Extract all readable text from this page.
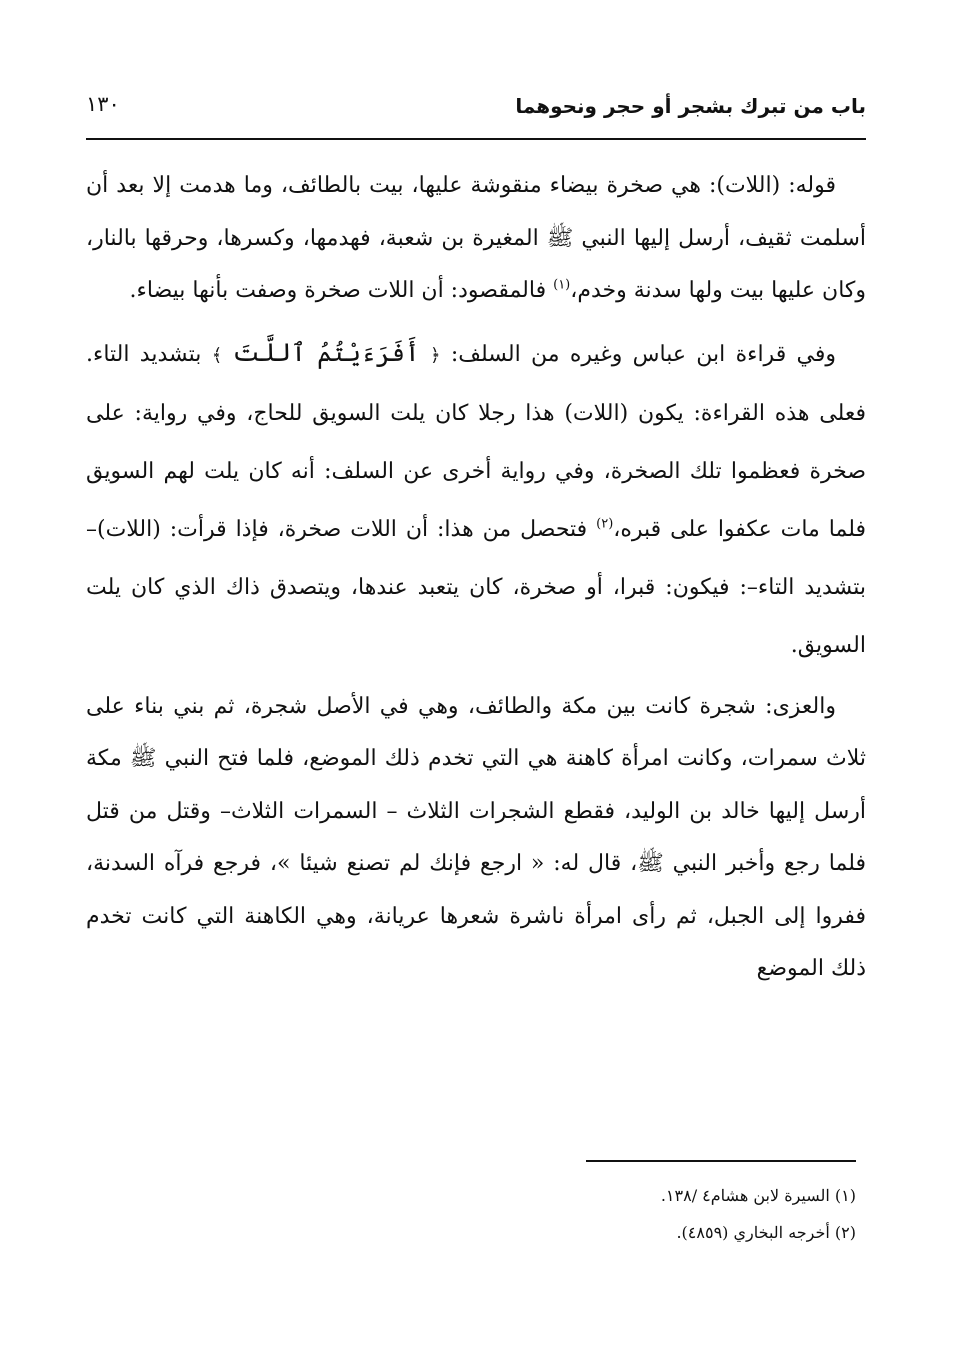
باب من تبرك بشجر أو حجر ونحوهما
١٣٠

قوله: (اللات): هي صخرة بيضاء منقوشة عليها، بيت بالطائف، وما هدمت إلا بعد أن أسلمت ثقيف، أرسل إليها النبي ﷺ المغيرة بن شعبة، فهدمها، وكسرها، وحرقها بالنار، وكان عليها بيت ولها سدنة وخدم،$^{(١)}$ فالمقصود: أن اللات صخرة وصفت بأنها بيضاء.

وفي قراءة ابن عباس وغيره من السلف: ﴿ أَفَرَءَيْتُمُ ٱللَّتَ ﴾ بتشديد التاء. فعلى هذه القراءة: يكون (اللات) هذا رجلا كان يلت السويق للحاج، وفي رواية: على صخرة فعظموا تلك الصخرة، وفي رواية أخرى عن السلف: أنه كان يلت لهم السويق فلما مات عكفوا على قبره،$^{(٢)}$ فتحصل من هذا: أن اللات صخرة، فإذا قرأت: (اللات)– بتشديد التاء–: فيكون: قبرا، أو صخرة، كان يتعبد عندها، ويتصدق ذاك الذي كان يلت السويق.

والعزى: شجرة كانت بين مكة والطائف، وهي في الأصل شجرة، ثم بني بناء على ثلاث سمرات، وكانت امرأة كاهنة هي التي تخدم ذلك الموضع، فلما فتح النبي ﷺ مكة أرسل إليها خالد بن الوليد، فقطع الشجرات الثلاث – السمرات الثلاث– وقتل من قتل فلما رجع وأخبر النبي ﷺ، قال له: « ارجع فإنك لم تصنع شيئا »، فرجع فرآه السدنة، ففروا إلى الجبل، ثم رأى امرأة ناشرة شعرها عريانة، وهي الكاهنة التي كانت تخدم ذلك الموضع

(١) السيرة لابن هشام٤ /١٣٨.

(٢) أخرجه البخاري (٤٨٥٩).
